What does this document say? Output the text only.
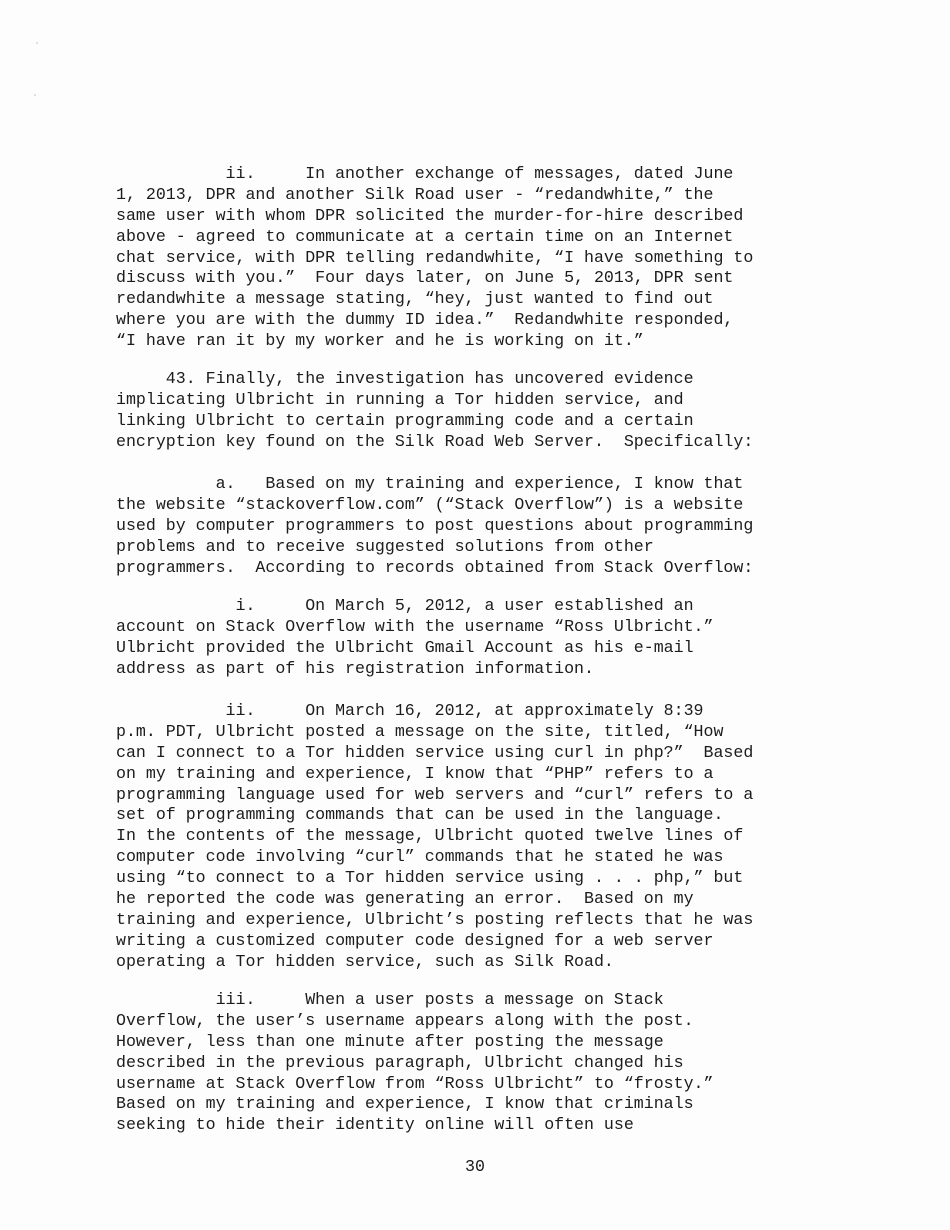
ii.     In another exchange of messages, dated June
1, 2013, DPR and another Silk Road user - “redandwhite,” the
same user with whom DPR solicited the murder-for-hire described
above - agreed to communicate at a certain time on an Internet
chat service, with DPR telling redandwhite, “I have something to
discuss with you.”  Four days later, on June 5, 2013, DPR sent
redandwhite a message stating, “hey, just wanted to find out
where you are with the dummy ID idea.”  Redandwhite responded,
“I have ran it by my worker and he is working on it.”
43. Finally, the investigation has uncovered evidence
implicating Ulbricht in running a Tor hidden service, and
linking Ulbricht to certain programming code and a certain
encryption key found on the Silk Road Web Server.  Specifically:
a.   Based on my training and experience, I know that
the website “stackoverflow.com” (“Stack Overflow”) is a website
used by computer programmers to post questions about programming
problems and to receive suggested solutions from other
programmers.  According to records obtained from Stack Overflow:
i.     On March 5, 2012, a user established an
account on Stack Overflow with the username “Ross Ulbricht.”
Ulbricht provided the Ulbricht Gmail Account as his e-mail
address as part of his registration information.
ii.     On March 16, 2012, at approximately 8:39
p.m. PDT, Ulbricht posted a message on the site, titled, “How
can I connect to a Tor hidden service using curl in php?”  Based
on my training and experience, I know that “PHP” refers to a
programming language used for web servers and “curl” refers to a
set of programming commands that can be used in the language.
In the contents of the message, Ulbricht quoted twelve lines of
computer code involving “curl” commands that he stated he was
using “to connect to a Tor hidden service using . . . php,” but
he reported the code was generating an error.  Based on my
training and experience, Ulbricht’s posting reflects that he was
writing a customized computer code designed for a web server
operating a Tor hidden service, such as Silk Road.
iii.     When a user posts a message on Stack
Overflow, the user’s username appears along with the post.
However, less than one minute after posting the message
described in the previous paragraph, Ulbricht changed his
username at Stack Overflow from “Ross Ulbricht” to “frosty.”
Based on my training and experience, I know that criminals
seeking to hide their identity online will often use
30
